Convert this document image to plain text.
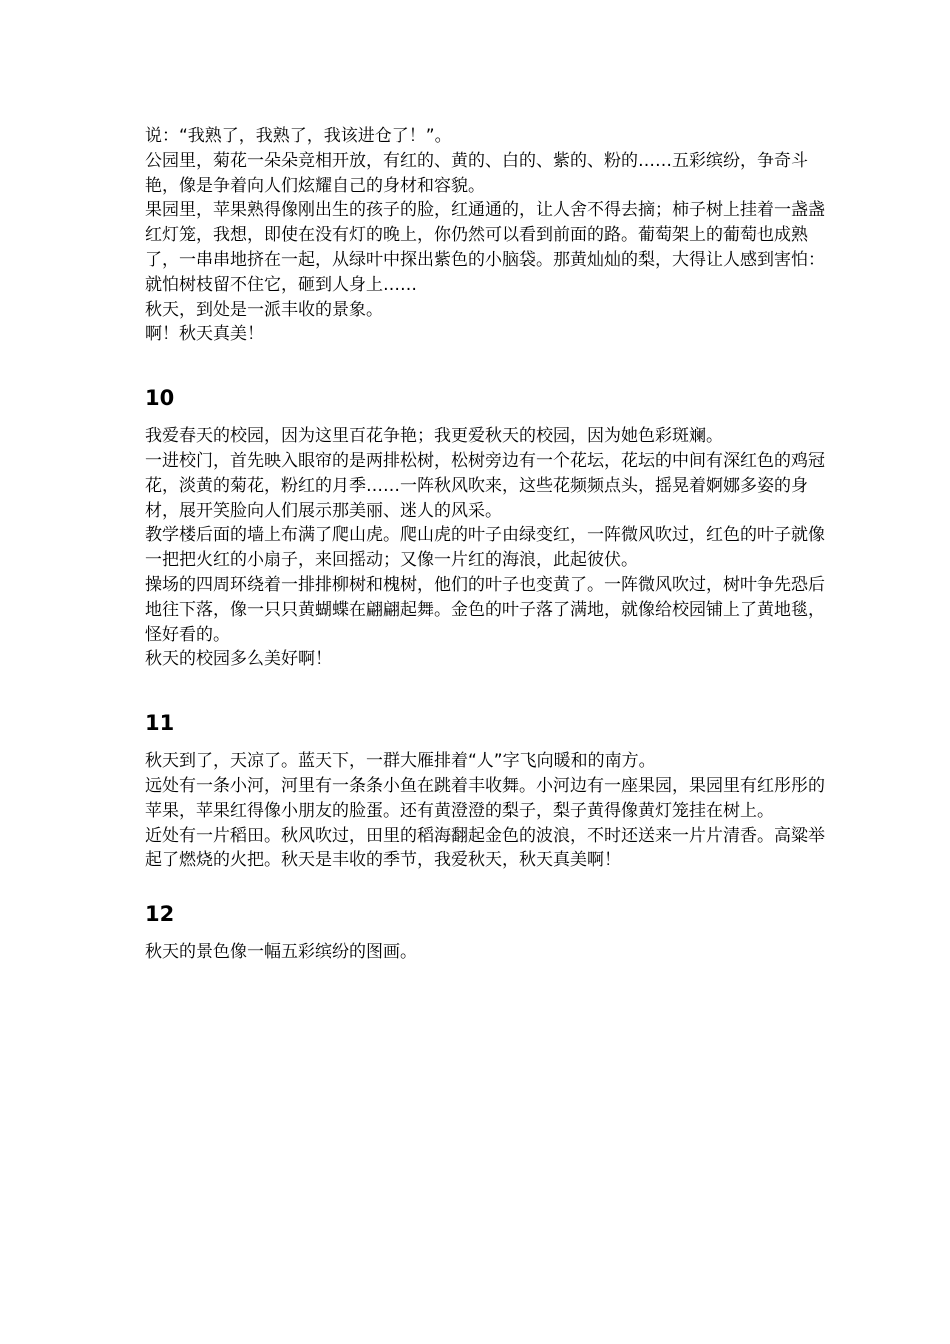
说：“我熟了，我熟了，我该进仓了！”。

公园里，菊花一朵朵竞相开放，有红的、黄的、白的、紫的、粉的……五彩缤纷，争奇斗艳，像是争着向人们炫耀自己的身材和容貌。

果园里，苹果熟得像刚出生的孩子的脸，红通通的，让人舍不得去摘；柿子树上挂着一盏盏红灯笼，我想，即使在没有灯的晚上，你仍然可以看到前面的路。葡萄架上的葡萄也成熟了，一串串地挤在一起，从绿叶中探出紫色的小脑袋。那黄灿灿的梨，大得让人感到害怕：就怕树枝留不住它，砸到人身上……

秋天，到处是一派丰收的景象。

啊！秋天真美！

10

我爱春天的校园，因为这里百花争艳；我更爱秋天的校园，因为她色彩斑斓。

一进校门，首先映入眼帘的是两排松树，松树旁边有一个花坛，花坛的中间有深红色的鸡冠花，淡黄的菊花，粉红的月季……一阵秋风吹来，这些花频频点头，摇晃着婀娜多姿的身材，展开笑脸向人们展示那美丽、迷人的风采。

教学楼后面的墙上布满了爬山虎。爬山虎的叶子由绿变红，一阵微风吹过，红色的叶子就像一把把火红的小扇子，来回摇动；又像一片红的海浪，此起彼伏。

操场的四周环绕着一排排柳树和槐树，他们的叶子也变黄了。一阵微风吹过，树叶争先恐后地往下落，像一只只黄蝴蝶在翩翩起舞。金色的叶子落了满地，就像给校园铺上了黄地毯，怪好看的。

秋天的校园多么美好啊！

11

秋天到了，天凉了。蓝天下，一群大雁排着“人”字飞向暖和的南方。

远处有一条小河，河里有一条条小鱼在跳着丰收舞。小河边有一座果园，果园里有红彤彤的苹果，苹果红得像小朋友的脸蛋。还有黄澄澄的梨子，梨子黄得像黄灯笼挂在树上。

近处有一片稻田。秋风吹过，田里的稻海翻起金色的波浪，不时还送来一片片清香。高粱举起了燃烧的火把。秋天是丰收的季节，我爱秋天，秋天真美啊！

12

秋天的景色像一幅五彩缤纷的图画。
